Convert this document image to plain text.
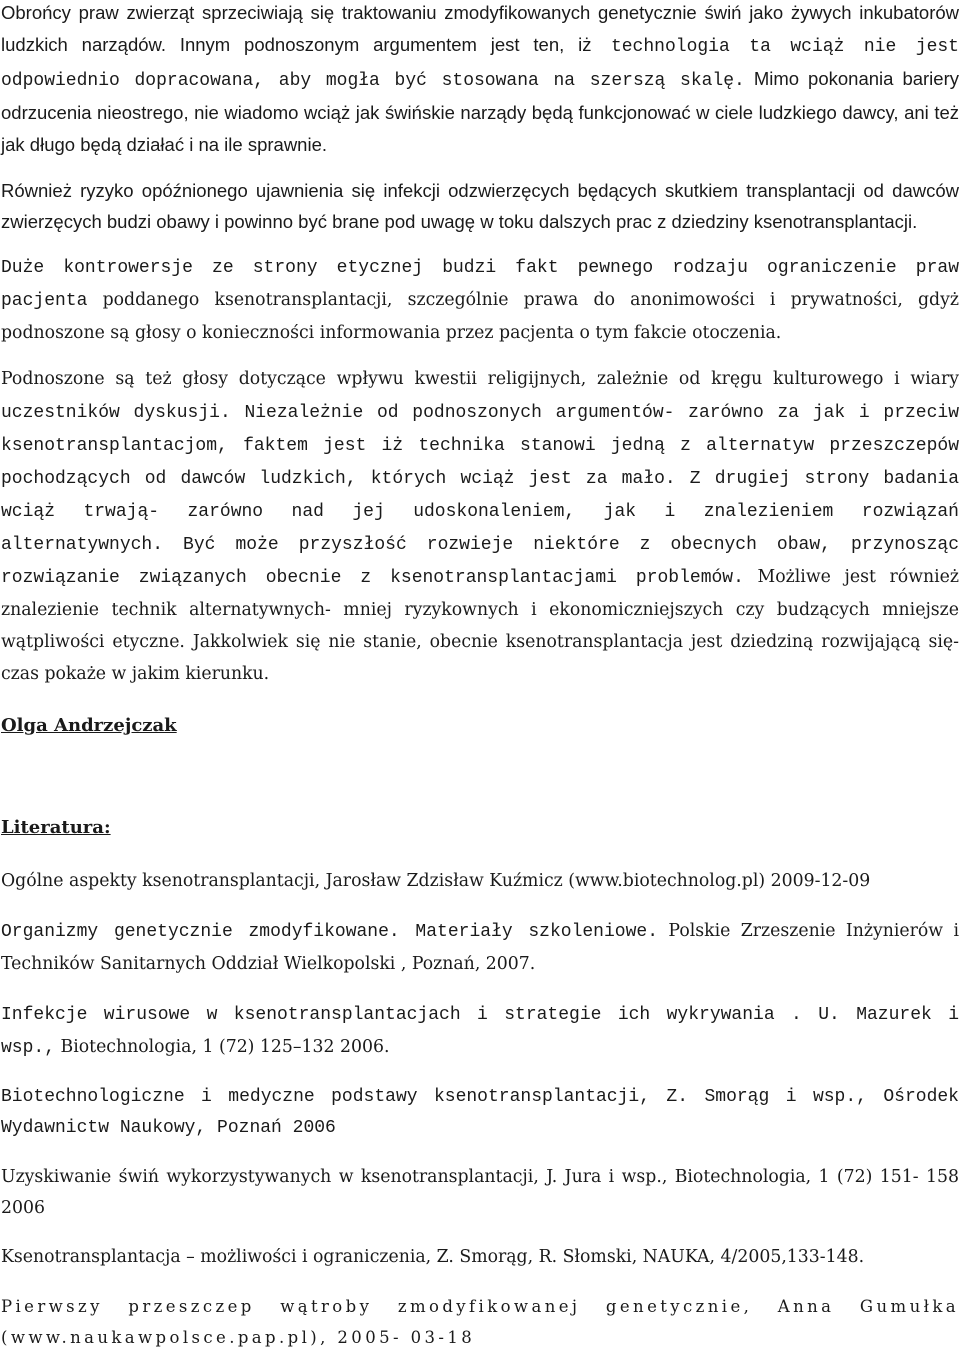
Obrońcy praw zwierząt sprzeciwiają się traktowaniu zmodyfikowanych genetycznie świń jako żywych inkubatorów ludzkich narządów. Innym podnoszonym argumentem jest ten, iż technologia ta wciąż nie jest odpowiednio dopracowana, aby mogła być stosowana na szerszą skalę. Mimo pokonania bariery odrzucenia nieostrego, nie wiadomo wciąż jak świńskie narządy będą funkcjonować w ciele ludzkiego dawcy, ani też jak długo będą działać i na ile sprawnie.

Również ryzyko opóźnionego ujawnienia się infekcji odzwierzęcych będących skutkiem transplantacji od dawców zwierzęcych budzi obawy i powinno być brane pod uwagę w toku dalszych prac z dziedziny ksenotransplantacji.

Duże kontrowersje ze strony etycznej budzi fakt pewnego rodzaju ograniczenie praw pacjenta poddanego ksenotransplantacji, szczególnie prawa do anonimowości i prywatności, gdyż podnoszone są głosy o konieczności informowania przez pacjenta o tym fakcie otoczenia.

Podnoszone są też głosy dotyczące wpływu kwestii religijnych, zależnie od kręgu kulturowego i wiary uczestników dyskusji. Niezależnie od podnoszonych argumentów- zarówno za jak i przeciw ksenotransplantacjom, faktem jest iż technika stanowi jedną z alternatyw przeszczepów pochodzących od dawców ludzkich, których wciąż jest za mało. Z drugiej strony badania wciąż trwają- zarówno nad jej udoskonaleniem, jak i znalezieniem rozwiązań alternatywnych. Być może przyszłość rozwieje niektóre z obecnych obaw, przynosząc rozwiązanie związanych obecnie z ksenotransplantacjami problemów. Możliwe jest również znalezienie technik alternatywnych- mniej ryzykownych i ekonomiczniejszych czy budzących mniejsze wątpliwości etyczne. Jakkolwiek się nie stanie, obecnie ksenotransplantacja jest dziedziną rozwijającą się- czas pokaże w jakim kierunku.

Olga Andrzejczak
Literatura:

Ogólne aspekty ksenotransplantacji, Jarosław Zdzisław Kuźmicz (www.biotechnolog.pl) 2009-12-09

Organizmy genetycznie zmodyfikowane. Materiały szkoleniowe. Polskie Zrzeszenie Inżynierów i Techników Sanitarnych Oddział Wielkopolski , Poznań, 2007.

Infekcje wirusowe w ksenotransplantacjach i strategie ich wykrywania . U. Mazurek i wsp., Biotechnologia, 1 (72) 125–132 2006.

Biotechnologiczne i medyczne podstawy ksenotransplantacji, Z. Smorąg i wsp., Ośrodek Wydawnictw Naukowy, Poznań 2006

Uzyskiwanie świń wykorzystywanych w ksenotransplantacji, J. Jura i wsp., Biotechnologia, 1 (72) 151- 158 2006

Ksenotransplantacja – możliwości i ograniczenia, Z. Smorąg, R. Słomski, NAUKA, 4/2005,133-148.

Pierwszy przeszczep wątroby zmodyfikowanej genetycznie, Anna Gumułka (www.naukawpolsce.pap.pl), 2005- 03-18
